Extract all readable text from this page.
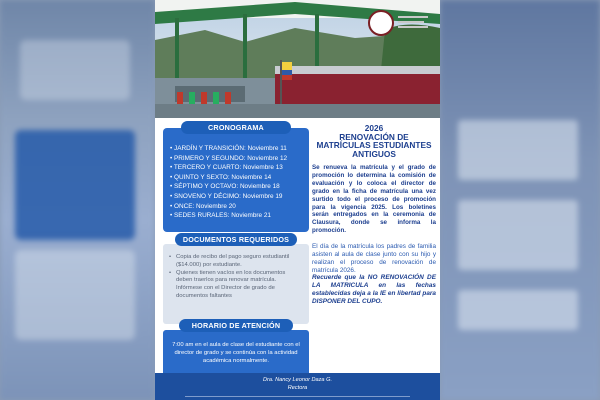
• JARDÍN Y TRANSICIÓN: Noviembre 11
• PRIMERO Y SEGUNDO: Noviembre 12
• TERCERO Y CUARTO: Noviembre 13
• QUINTO Y SEXTO: Noviembre 14
• SÉPTIMO Y OCTAVO: Noviembre 18
• SNOVENO Y DÉCIMO: Noviembre 19
• ONCE: Noviembre 20
• SEDES RURALES: Noviembre 21
CRONOGRAMA
• Copia de recibo del pago seguro estudiantil ($14.000) por estudiante.
• Quienes tienen vacíos en los documentos deben traerlos para renovar matrícula. Infórmese con el Director de grado de documentos faltantes
DOCUMENTOS REQUERIDOS
7:00 am en el aula de clase del estudiante con el director de grado y se continúa con la actividad académica normalmente.
HORARIO DE ATENCIÓN
2026
RENOVACIÓN DE
MATRÍCULAS ESTUDIANTES
ANTIGUOS

Se renueva la matrícula y el grado de promoción lo determina la comisión de evaluación y lo coloca el director de grado en la ficha de matrícula una vez surtido todo el proceso de promoción para la vigencia 2025. Los boletines serán entregados en la ceremonia de Clausura, donde se informa la promoción.

El día de la matrícula los padres de familia asisten al aula de clase junto con su hijo y realizan el proceso de renovación de matrícula 2026.

Recuerde que la NO RENOVACIÓN DE LA MATRICULA en las fechas establecidas deja a la IE en libertad para DISPONER DEL CUPO.

Dra. Nancy Leonor Daza G.
Rectora
